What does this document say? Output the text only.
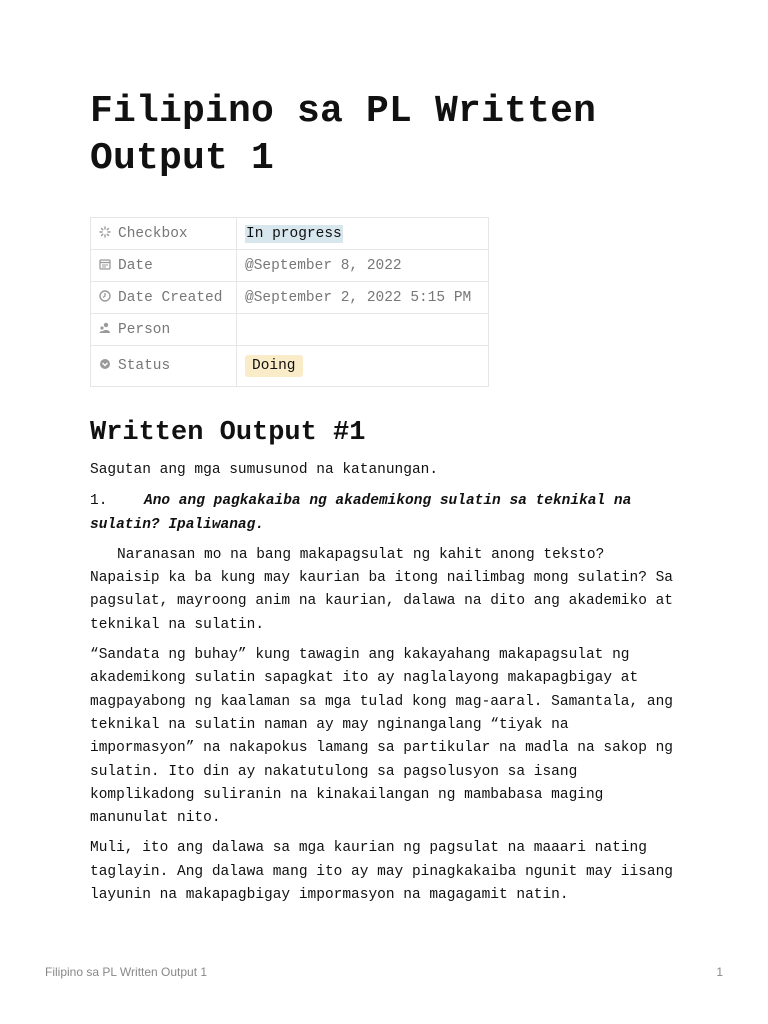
Filipino sa PL Written Output 1
Checkbox	In progress
Date	@September 8, 2022
Date Created	@September 2, 2022 5:15 PM
Person	
Status	Doing
Written Output #1

Sagutan ang mga sumusunod na katanungan.

1.	Ano ang pagkakaiba ng akademikong sulatin sa teknikal na sulatin? Ipaliwanag.

Naranasan mo na bang makapagsulat ng kahit anong teksto? Napaisip ka ba kung may kaurian ba itong nailimbag mong sulatin? Sa pagsulat, mayroong anim na kaurian, dalawa na dito ang akademiko at teknikal na sulatin.

“Sandata ng buhay” kung tawagin ang kakayahang makapagsulat ng akademikong sulatin sapagkat ito ay naglalayong makapagbigay at magpayabong ng kaalaman sa mga tulad kong mag-aaral. Samantala, ang teknikal na sulatin naman ay may nginangalang “tiyak na impormasyon” na nakapokus lamang sa partikular na madla na sakop ng sulatin. Ito din ay nakatutulong sa pagsolusyon sa isang komplikadong suliranin na kinakailangan ng mambabasa maging manunulat nito.

Muli, ito ang dalawa sa mga kaurian ng pagsulat na maaari nating taglayin. Ang dalawa mang ito ay may pinagkakaiba ngunit may iisang layunin na makapagbigay impormasyon na magagamit natin.

Filipino sa PL Written Output 1	1
